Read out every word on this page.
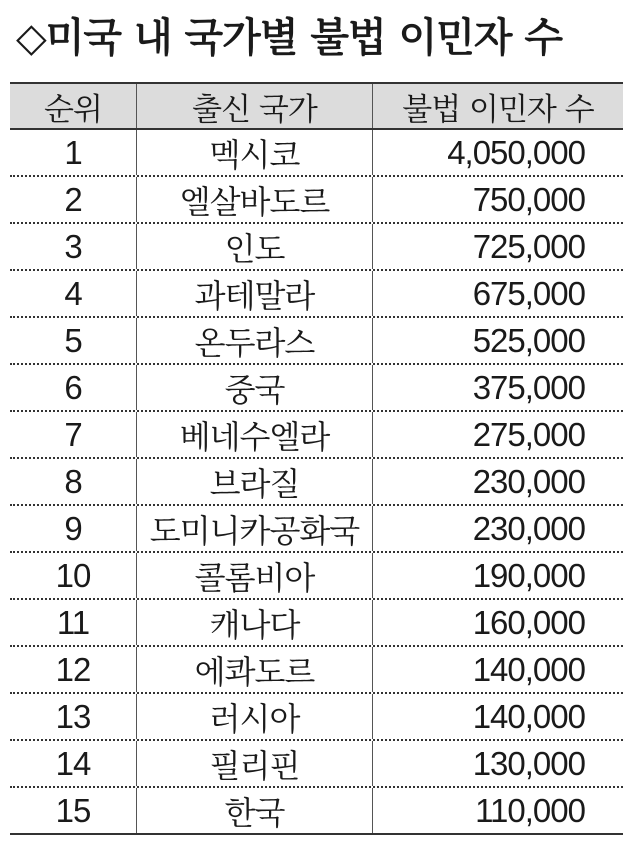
◇미국 내 국가별 불법 이민자 수
순위	출신 국가	불법 이민자 수
1	멕시코	4,050,000
2	엘살바도르	750,000
3	인도	725,000
4	과테말라	675,000
5	온두라스	525,000
6	중국	375,000
7	베네수엘라	275,000
8	브라질	230,000
9	도미니카공화국	230,000
10	콜롬비아	190,000
11	캐나다	160,000
12	에콰도르	140,000
13	러시아	140,000
14	필리핀	130,000
15	한국	110,000
